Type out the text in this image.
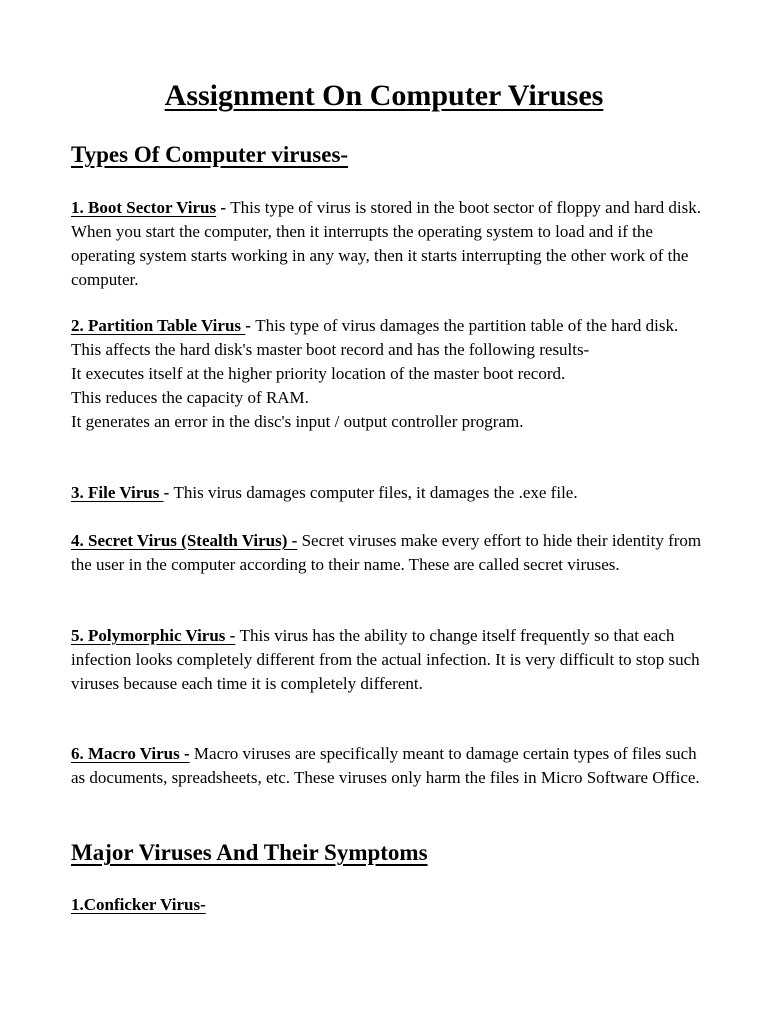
Assignment On Computer Viruses
Types Of Computer viruses-
1. Boot Sector Virus - This type of virus is stored in the boot sector of floppy and hard disk. When you start the computer, then it interrupts the operating system to load and if the operating system starts working in any way, then it starts interrupting the other work of the computer.
2. Partition Table Virus - This type of virus damages the partition table of the hard disk. This affects the hard disk's master boot record and has the following results-
It executes itself at the higher priority location of the master boot record.
This reduces the capacity of RAM.
It generates an error in the disc's input / output controller program.
3. File Virus - This virus damages computer files, it damages the .exe file.
4. Secret Virus (Stealth Virus) - Secret viruses make every effort to hide their identity from the user in the computer according to their name. These are called secret viruses.
5. Polymorphic Virus - This virus has the ability to change itself frequently so that each infection looks completely different from the actual infection. It is very difficult to stop such viruses because each time it is completely different.
6. Macro Virus - Macro viruses are specifically meant to damage certain types of files such as documents, spreadsheets, etc. These viruses only harm the files in Micro Software Office.
Major Viruses And Their Symptoms
1.Conficker Virus-
